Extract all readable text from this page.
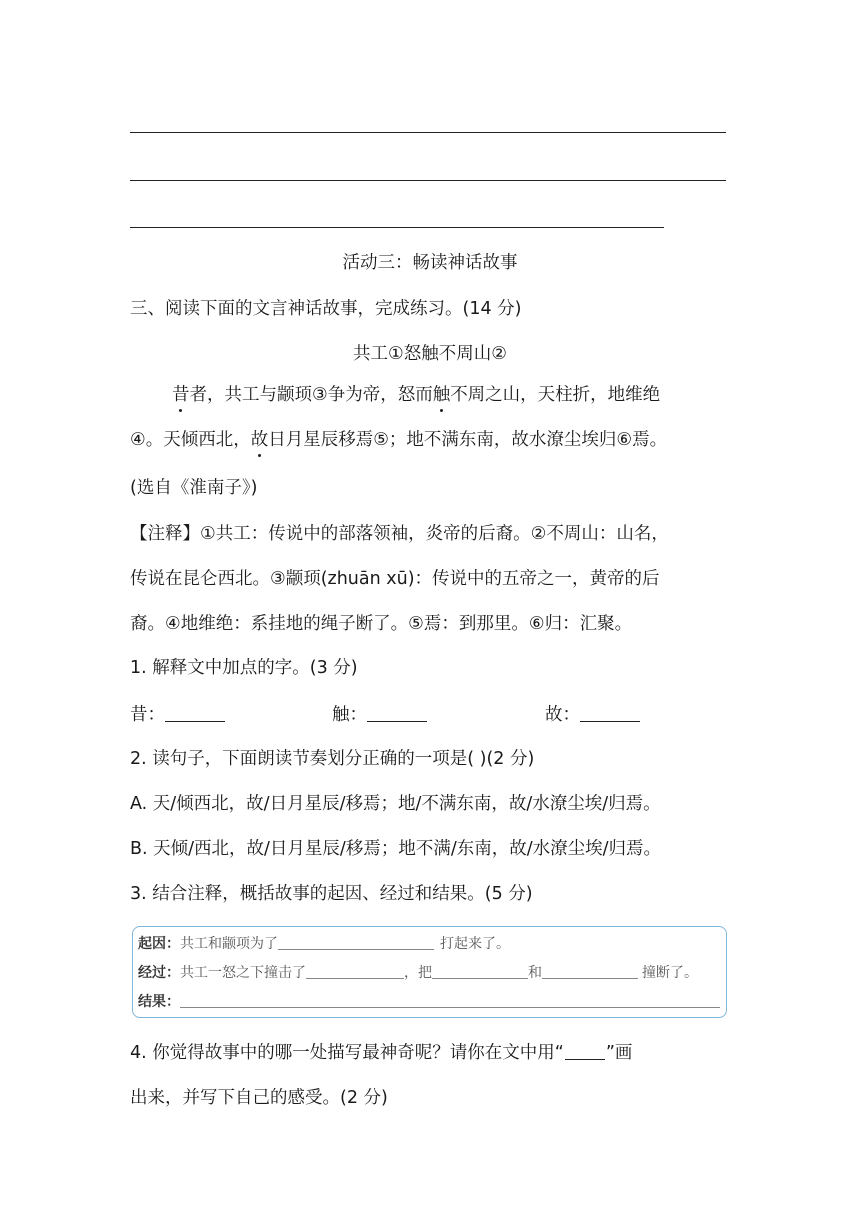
活动三：畅读神话故事
三、阅读下面的文言神话故事，完成练习。(14 分)
共工①怒触不周山②
昔者，共工与颛顼③争为帝，怒而触不周之山，天柱折，地维绝
④。天倾西北，故日月星辰移焉⑤；地不满东南，故水潦尘埃归⑥焉。
(选自《淮南子》)
【注释】①共工：传说中的部落领袖，炎帝的后裔。②不周山：山名，
传说在昆仑西北。③颛顼(zhuān xū)：传说中的五帝之一，黄帝的后
裔。④地维绝：系挂地的绳子断了。⑤焉：到那里。⑥归：汇聚。
1. 解释文中加点的字。(3 分)
昔：	触：	故：
2. 读句子，下面朗读节奏划分正确的一项是( )(2 分)
A. 天/倾西北，故/日月星辰/移焉；地/不满东南，故/水潦尘埃/归焉。
B. 天倾/西北，故/日月星辰/移焉；地不满/东南，故/水潦尘埃/归焉。
3. 结合注释，概括故事的起因、经过和结果。(5 分)
起因：共工和颛项为了	打起来了。
经过：共工一怒之下撞击了	，把	和	撞断了。
结果：
4. 你觉得故事中的哪一处描写最神奇呢？请你在文中用“ ”画
出来，并写下自己的感受。(2 分)
